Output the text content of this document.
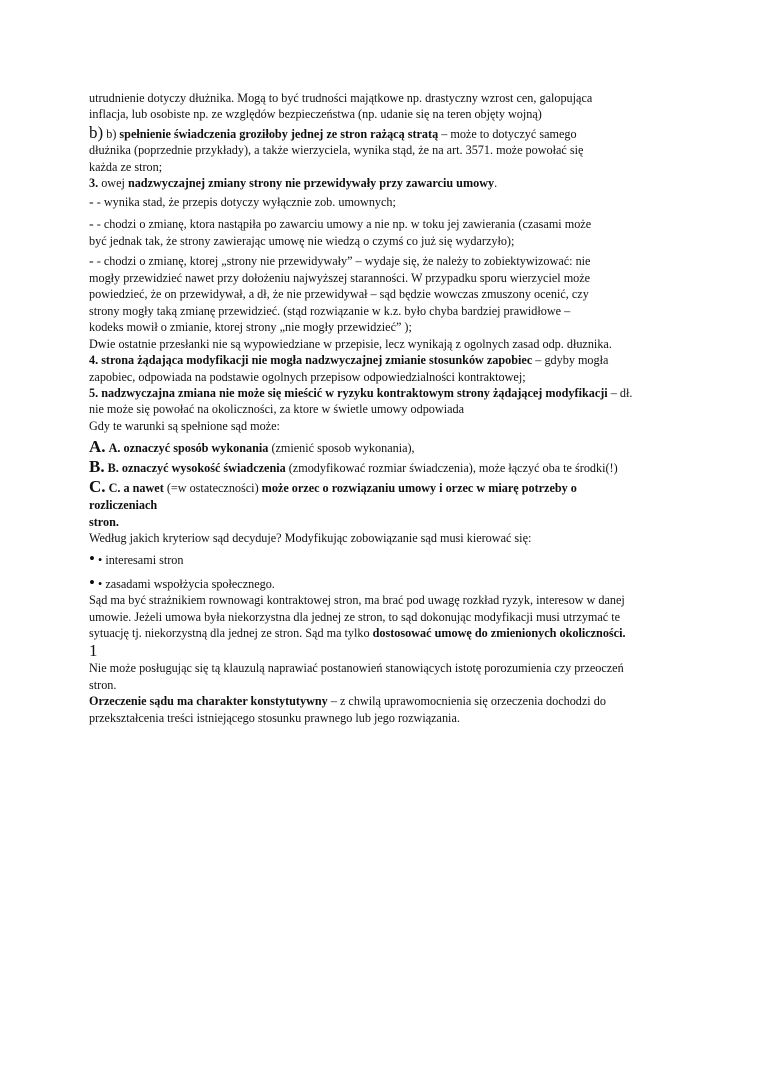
utrudnienie dotyczy dłużnika. Mogą to być trudności majątkowe np. drastyczny wzrost cen, galopująca
inflacja, lub osobiste np. ze względów bezpieczeństwa (np. udanie się na teren objęty wojną)
b) b) spełnienie świadczenia groziłoby jednej ze stron rażącą stratą – może to dotyczyć samego
dłużnika (poprzednie przykłady), a także wierzyciela, wynika stąd, że na art. 3571. może powołać się
każda ze stron;
3. owej nadzwyczajnej zmiany strony nie przewidywały przy zawarciu umowy.
- - wynika stad, że przepis dotyczy wyłącznie zob. umownych;
- - chodzi o zmianę, ktora nastąpiła po zawarciu umowy a nie np. w toku jej zawierania (czasami może
być jednak tak, że strony zawierając umowę nie wiedzą o czymś co już się wydarzyło);
- - chodzi o zmianę, ktorej „strony nie przewidywały” – wydaje się, że należy to zobiektywizować: nie
mogły przewidzieć nawet przy dołożeniu najwyższej staranności. W przypadku sporu wierzyciel może
powiedzieć, że on przewidywał, a dł, że nie przewidywał – sąd będzie wowczas zmuszony ocenić, czy
strony mogły taką zmianę przewidzieć. (stąd rozwiązanie w k.z. było chyba bardziej prawidłowe –
kodeks mowił o zmianie, ktorej strony „nie mogły przewidzieć” );
Dwie ostatnie przesłanki nie są wypowiedziane w przepisie, lecz wynikają z ogolnych zasad odp. dłuznika.
4. strona żądająca modyfikacji nie mogła nadzwyczajnej zmianie stosunków zapobiec – gdyby mogła
zapobiec, odpowiada na podstawie ogolnych przepisow odpowiedzialności kontraktowej;
5. nadzwyczajna zmiana nie może się mieścić w ryzyku kontraktowym strony żądającej modyfikacji – dł.
nie może się powołać na okoliczności, za ktore w świetle umowy odpowiada
Gdy te warunki są spełnione sąd może:
A. A. oznaczyć sposób wykonania (zmienić sposob wykonania),
B. B. oznaczyć wysokość świadczenia (zmodyfikować rozmiar świadczenia), może łączyć oba te środki(!)
C. C. a nawet (=w ostateczności) może orzec o rozwiązaniu umowy i orzec w miarę potrzeby o
rozliczeniach
stron.
Według jakich kryteriow sąd decyduje? Modyfikując zobowiązanie sąd musi kierować się:
• • interesami stron
• • zasadami wspołżycia społecznego.
Sąd ma być strażnikiem rownowagi kontraktowej stron, ma brać pod uwagę rozkład ryzyk, interesow w danej
umowie. Jeżeli umowa była niekorzystna dla jednej ze stron, to sąd dokonując modyfikacji musi utrzymać te
sytuację tj. niekorzystną dla jednej ze stron. Sąd ma tylko dostosować umowę do zmienionych okoliczności.
1
Nie może posługując się tą klauzulą naprawiać postanowień stanowiących istotę porozumienia czy przeoczeń
stron.
Orzeczenie sądu ma charakter konstytutywny – z chwilą uprawomocnienia się orzeczenia dochodzi do
przekształcenia treści istniejącego stosunku prawnego lub jego rozwiązania.
